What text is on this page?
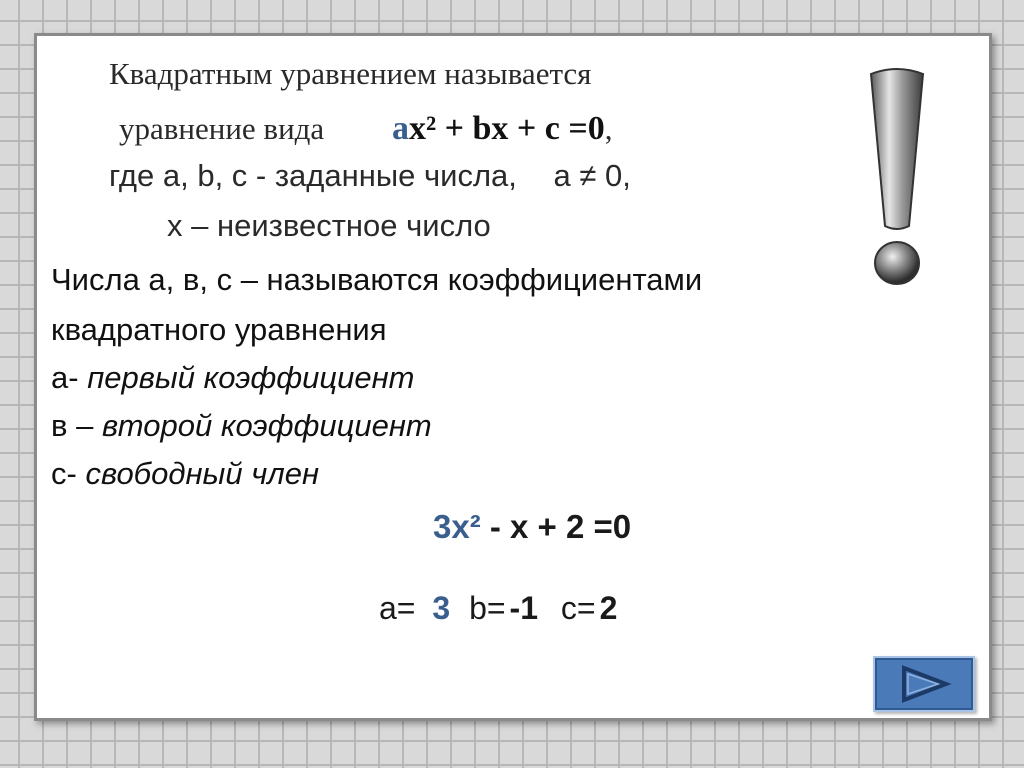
Квадратным уравнением называется
уравнение вида ax² + bx + c =0,
где a, b, c - заданные числа, a ≠ 0,
x – неизвестное число
Числа а, в, с – называются коэффициентами
квадратного уравнения
а- первый коэффициент
в – второй коэффициент
с- свободный член
3x² - x + 2 =0
a= 3 b= -1 c= 2
